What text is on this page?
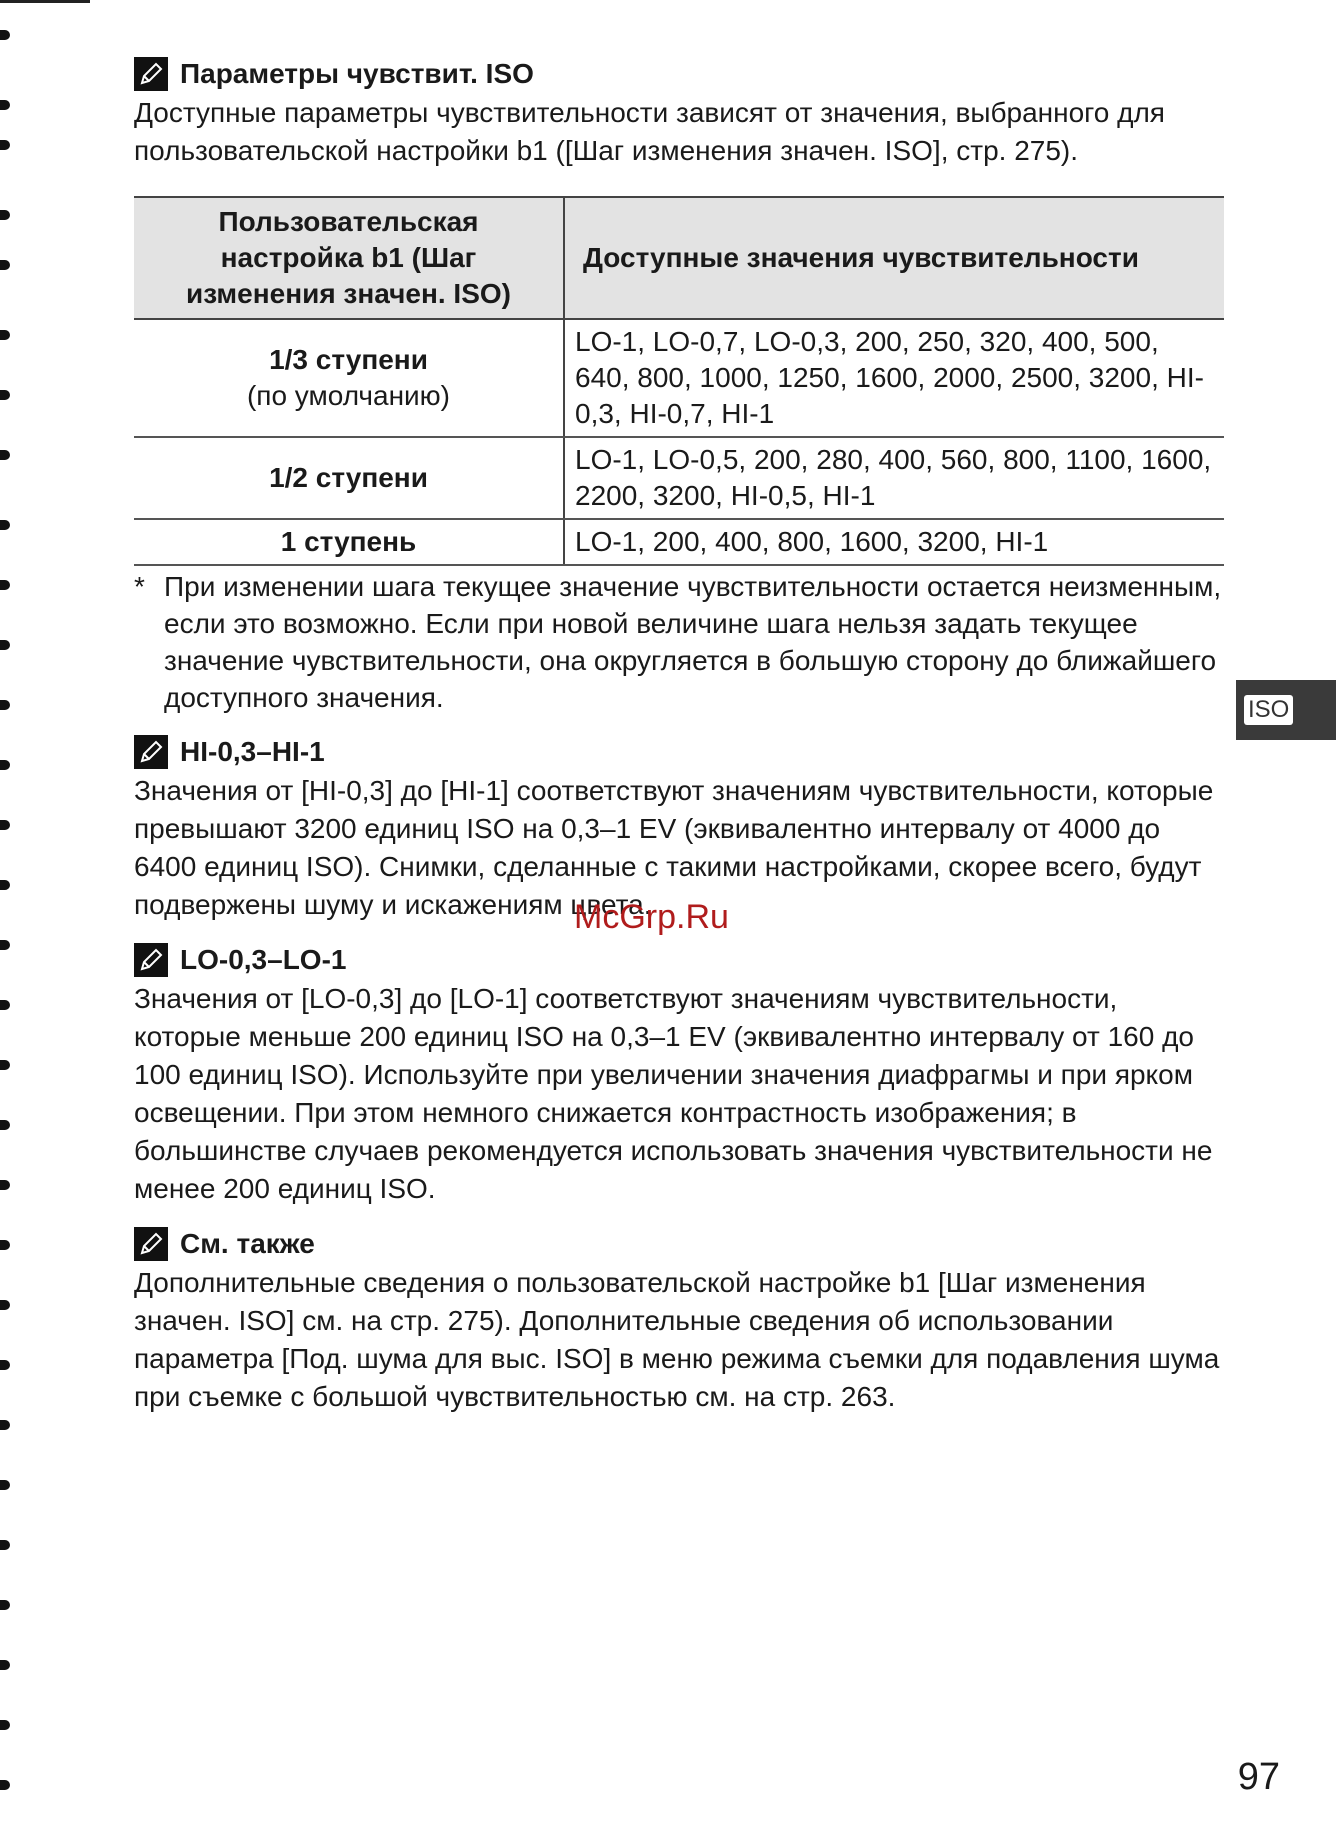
Параметры чувствит. ISO

Доступные параметры чувствительности зависят от значения, выбранного для пользовательской настройки b1 ([Шаг изменения значен. ISO], стр. 275).

Пользовательская настройка b1 (Шаг изменения значен. ISO)	Доступные значения чувствительности

1/3 ступени
(по умолчанию)	LO-1, LO-0,7, LO-0,3, 200, 250, 320, 400, 500, 640, 800, 1000, 1250, 1600, 2000, 2500, 3200, HI-0,3, HI-0,7, HI-1

1/2 ступени	LO-1, LO-0,5, 200, 280, 400, 560, 800, 1100, 1600, 2200, 3200, HI-0,5, HI-1

1 ступень	LO-1, 200, 400, 800, 1600, 3200, HI-1
* При изменении шага текущее значение чувствительности остается неизменным, если это возможно. Если при новой величине шага нельзя задать текущее значение чувствительности, она округляется в большую сторону до ближайшего доступного значения.
HI-0,3–HI-1

Значения от [HI-0,3] до [HI-1] соответствуют значениям чувствительности, которые превышают 3200 единиц ISO на 0,3–1 EV (эквивалентно интервалу от 4000 до 6400 единиц ISO). Снимки, сделанные с такими настройками, скорее всего, будут подвержены шуму и искажениям цвета.

LO-0,3–LO-1

Значения от [LO-0,3] до [LO-1] соответствуют значениям чувствительности, которые меньше 200 единиц ISO на 0,3–1 EV (эквивалентно интервалу от 160 до 100 единиц ISO). Используйте при увеличении значения диафрагмы и при ярком освещении. При этом немного снижается контрастность изображения; в большинстве случаев рекомендуется использовать значения чувствительности не менее 200 единиц ISO.

См. также

Дополнительные сведения о пользовательской настройке b1 [Шаг изменения значен. ISO] см. на стр. 275). Дополнительные сведения об использовании параметра [Под. шума для выс. ISO] в меню режима съемки для подавления шума при съемке с большой чувствительностью см. на стр. 263.

ISO
McGrp.Ru
97
